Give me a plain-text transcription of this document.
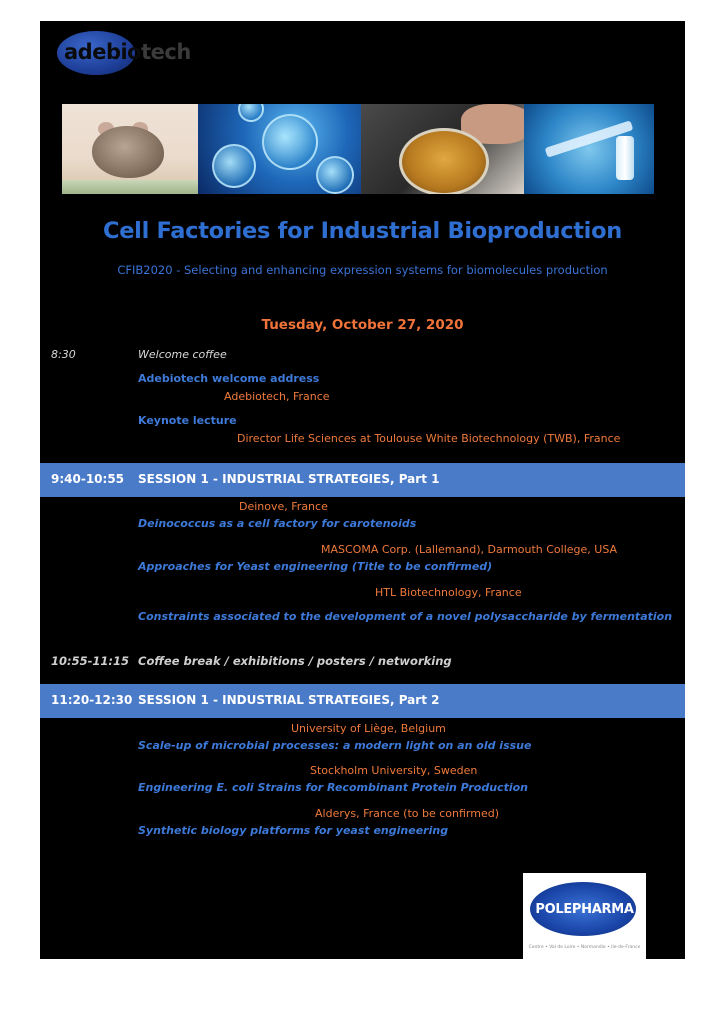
adebiotech
Cell Factories for Industrial Bioproduction
CFIB2020 - Selecting and enhancing expression systems for biomolecules production
Tuesday, October 27, 2020
8:30	Welcome coffee
Adebiotech welcome address
Adebiotech, France
Keynote lecture
Director Life Sciences at Toulouse White Biotechnology (TWB), France
9:40-10:55 SESSION 1 - INDUSTRIAL STRATEGIES, Part 1
Deinove, France
Deinococcus as a cell factory for carotenoids
MASCOMA Corp. (Lallemand), Darmouth College, USA
Approaches for Yeast engineering (Title to be confirmed)
HTL Biotechnology, France
Constraints associated to the development of a novel polysaccharide by fermentation
10:55-11:15 Coffee break / exhibitions / posters / networking
11:20-12:30 SESSION 1 - INDUSTRIAL STRATEGIES, Part 2
University of Liège, Belgium
Scale-up of microbial processes: a modern light on an old issue
Stockholm University, Sweden
Engineering E. coli Strains for Recombinant Protein Production
Alderys, France (to be confirmed)
Synthetic biology platforms for yeast engineering
POLEPHARMA
Centre • Val de Loire • Normandie • Ile-de-France
